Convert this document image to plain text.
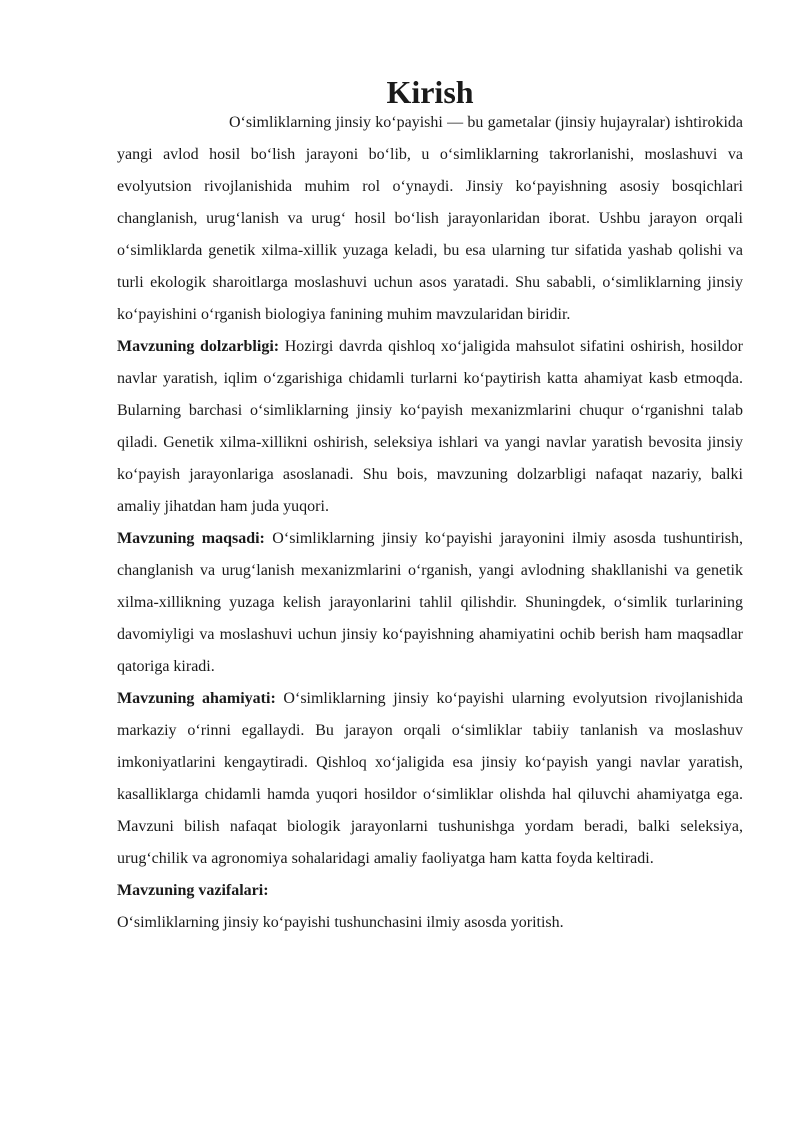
Kirish

O‘simliklarning jinsiy ko‘payishi — bu gametalar (jinsiy hujayralar) ishtirokida yangi avlod hosil bo‘lish jarayoni bo‘lib, u o‘simliklarning takrorlanishi, moslashuvi va evolyutsion rivojlanishida muhim rol o‘ynaydi. Jinsiy ko‘payishning asosiy bosqichlari changlanish, urug‘lanish va urug‘ hosil bo‘lish jarayonlaridan iborat. Ushbu jarayon orqali o‘simliklarda genetik xilma-xillik yuzaga keladi, bu esa ularning tur sifatida yashab qolishi va turli ekologik sharoitlarga moslashuvi uchun asos yaratadi. Shu sababli, o‘simliklarning jinsiy ko‘payishini o‘rganish biologiya fanining muhim mavzularidan biridir.

Mavzuning dolzarbligi: Hozirgi davrda qishloq xo‘jaligida mahsulot sifatini oshirish, hosildor navlar yaratish, iqlim o‘zgarishiga chidamli turlarni ko‘paytirish katta ahamiyat kasb etmoqda. Bularning barchasi o‘simliklarning jinsiy ko‘payish mexanizmlarini chuqur o‘rganishni talab qiladi. Genetik xilma-xillikni oshirish, seleksiya ishlari va yangi navlar yaratish bevosita jinsiy ko‘payish jarayonlariga asoslanadi. Shu bois, mavzuning dolzarbligi nafaqat nazariy, balki amaliy jihatdan ham juda yuqori.

Mavzuning maqsadi: O‘simliklarning jinsiy ko‘payishi jarayonini ilmiy asosda tushuntirish, changlanish va urug‘lanish mexanizmlarini o‘rganish, yangi avlodning shakllanishi va genetik xilma-xillikning yuzaga kelish jarayonlarini tahlil qilishdir. Shuningdek, o‘simlik turlarining davomiyligi va moslashuvi uchun jinsiy ko‘payishning ahamiyatini ochib berish ham maqsadlar qatoriga kiradi.

Mavzuning ahamiyati: O‘simliklarning jinsiy ko‘payishi ularning evolyutsion rivojlanishida markaziy o‘rinni egallaydi. Bu jarayon orqali o‘simliklar tabiiy tanlanish va moslashuv imkoniyatlarini kengaytiradi. Qishloq xo‘jaligida esa jinsiy ko‘payish yangi navlar yaratish, kasalliklarga chidamli hamda yuqori hosildor o‘simliklar olishda hal qiluvchi ahamiyatga ega. Mavzuni bilish nafaqat biologik jarayonlarni tushunishga yordam beradi, balki seleksiya, urug‘chilik va agronomiya sohalaridagi amaliy faoliyatga ham katta foyda keltiradi.

Mavzuning vazifalari:

O‘simliklarning jinsiy ko‘payishi tushunchasini ilmiy asosda yoritish.
